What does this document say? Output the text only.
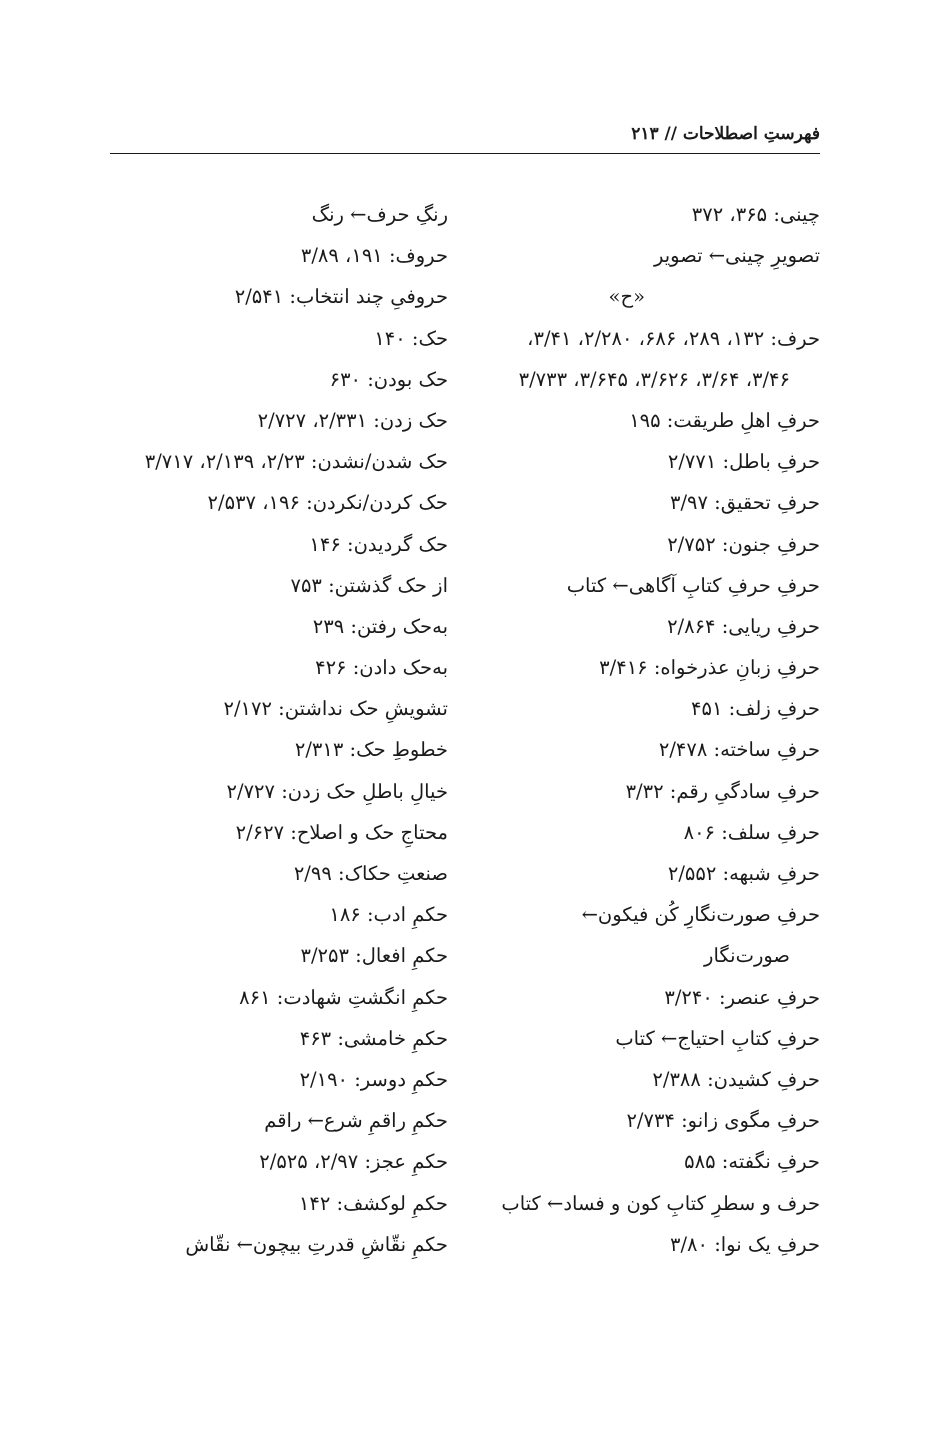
فهرستِ اصطلاحات // ۲۱۳
چینی: ۳۶۵، ۳۷۲
تصویرِ چینی← تصویر
«ح»
حرف: ۱۳۲، ۲۸۹، ۶۸۶، ۲/۲۸۰، ۳/۴۱،
۳/۴۶، ۳/۶۴، ۳/۶۲۶، ۳/۶۴۵، ۳/۷۳۳
حرفِ اهلِ طریقت: ۱۹۵
حرفِ باطل: ۲/۷۷۱
حرفِ تحقیق: ۳/۹۷
حرفِ جنون: ۲/۷۵۲
حرفِ حرفِ کتابِ آگاهی← کتاب
حرفِ ریایی: ۲/۸۶۴
حرفِ زبانِ عذرخواه: ۳/۴۱۶
حرفِ زلف: ۴۵۱
حرفِ ساخته: ۲/۴۷۸
حرفِ سادگیِ رقم: ۳/۳۲
حرفِ سلف: ۸۰۶
حرفِ شبهه: ۲/۵۵۲
حرفِ صورت‌نگارِ کُن فیکون←
صورت‌نگار
حرفِ عنصر: ۳/۲۴۰
حرفِ کتابِ احتیاج← کتاب
حرفِ کشیدن: ۲/۳۸۸
حرفِ مگوی زانو: ۲/۷۳۴
حرفِ نگفته: ۵۸۵
حرف و سطرِ کتابِ کون و فساد← کتاب
حرفِ یک نوا: ۳/۸۰
رنگِ حرف← رنگ
حروف: ۱۹۱، ۳/۸۹
حروفیِ چند انتخاب: ۲/۵۴۱
حک: ۱۴۰
حک بودن: ۶۳۰
حک زدن: ۲/۳۳۱، ۲/۷۲۷
حک شدن/نشدن: ۲/۲۳، ۲/۱۳۹، ۳/۷۱۷
حک کردن/نکردن: ۱۹۶، ۲/۵۳۷
حک گردیدن: ۱۴۶
از حک گذشتن: ۷۵۳
به‌حک رفتن: ۲۳۹
به‌حک دادن: ۴۲۶
تشویشِ حک نداشتن: ۲/۱۷۲
خطوطِ حک: ۲/۳۱۳
خیالِ باطلِ حک زدن: ۲/۷۲۷
محتاجِ حک و اصلاح: ۲/۶۲۷
صنعتِ حکاک: ۲/۹۹
حکمِ ادب: ۱۸۶
حکمِ افعال: ۳/۲۵۳
حکمِ انگشتِ شهادت: ۸۶۱
حکمِ خامشی: ۴۶۳
حکمِ دوسر: ۲/۱۹۰
حکمِ راقمِ شرع← راقم
حکمِ عجز: ۲/۹۷، ۲/۵۲۵
حکمِ لوکشف: ۱۴۲
حکمِ نقّاشِ قدرتِ بیچون← نقّاش
